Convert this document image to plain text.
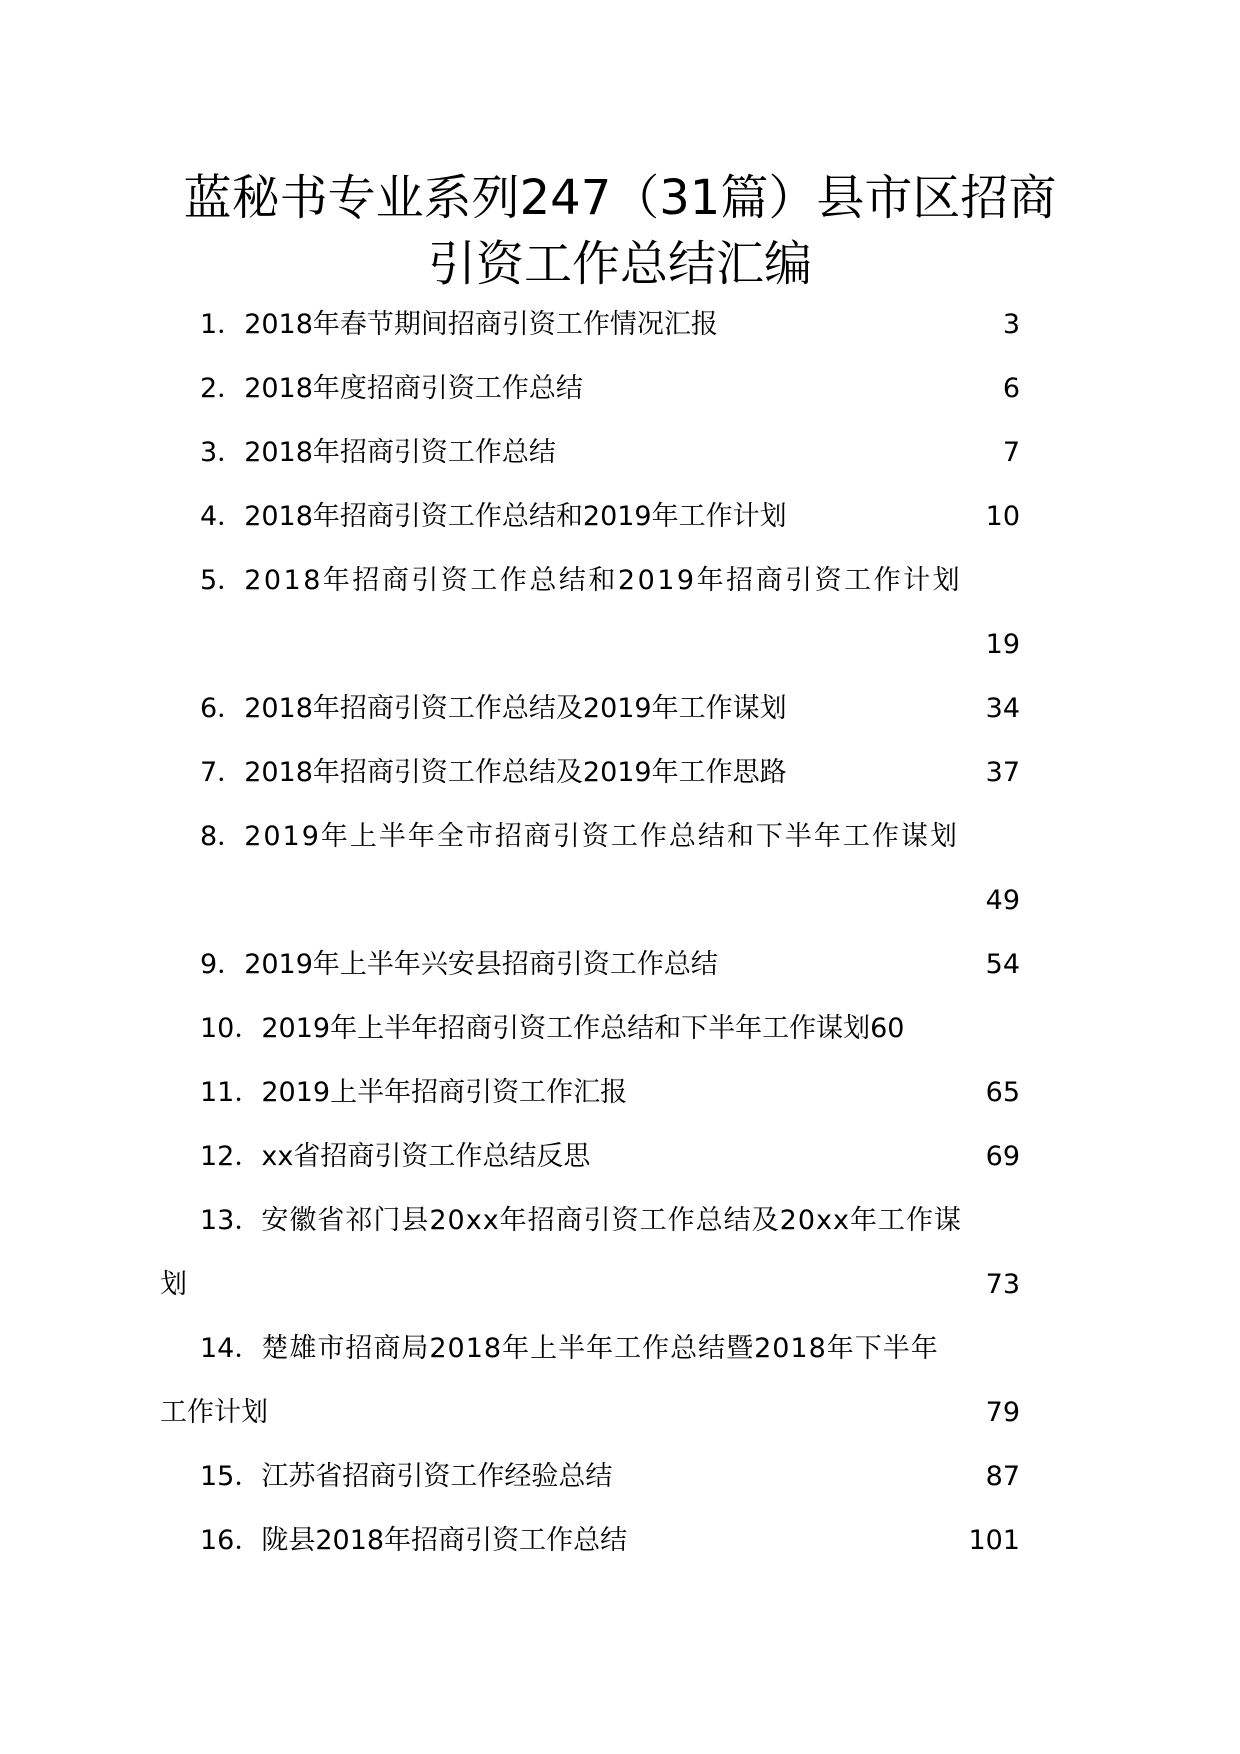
蓝秘书专业系列247（31篇）县市区招商
引资工作总结汇编
1． 2018年春节期间招商引资工作情况汇报	3
2． 2018年度招商引资工作总结	6
3． 2018年招商引资工作总结	7
4． 2018年招商引资工作总结和2019年工作计划	10
5． 2018年招商引资工作总结和2019年招商引资工作计划
19
6． 2018年招商引资工作总结及2019年工作谋划	34
7． 2018年招商引资工作总结及2019年工作思路	37
8． 2019年上半年全市招商引资工作总结和下半年工作谋划
49
9． 2019年上半年兴安县招商引资工作总结	54
10． 2019年上半年招商引资工作总结和下半年工作谋划 60
11． 2019上半年招商引资工作汇报	65
12． xx省招商引资工作总结反思	69
13． 安徽省祁门县20xx年招商引资工作总结及20xx年工作谋
划	73
14． 楚雄市招商局2018年上半年工作总结暨2018年下半年
工作计划	79
15． 江苏省招商引资工作经验总结	87
16． 陇县2018年招商引资工作总结	101
